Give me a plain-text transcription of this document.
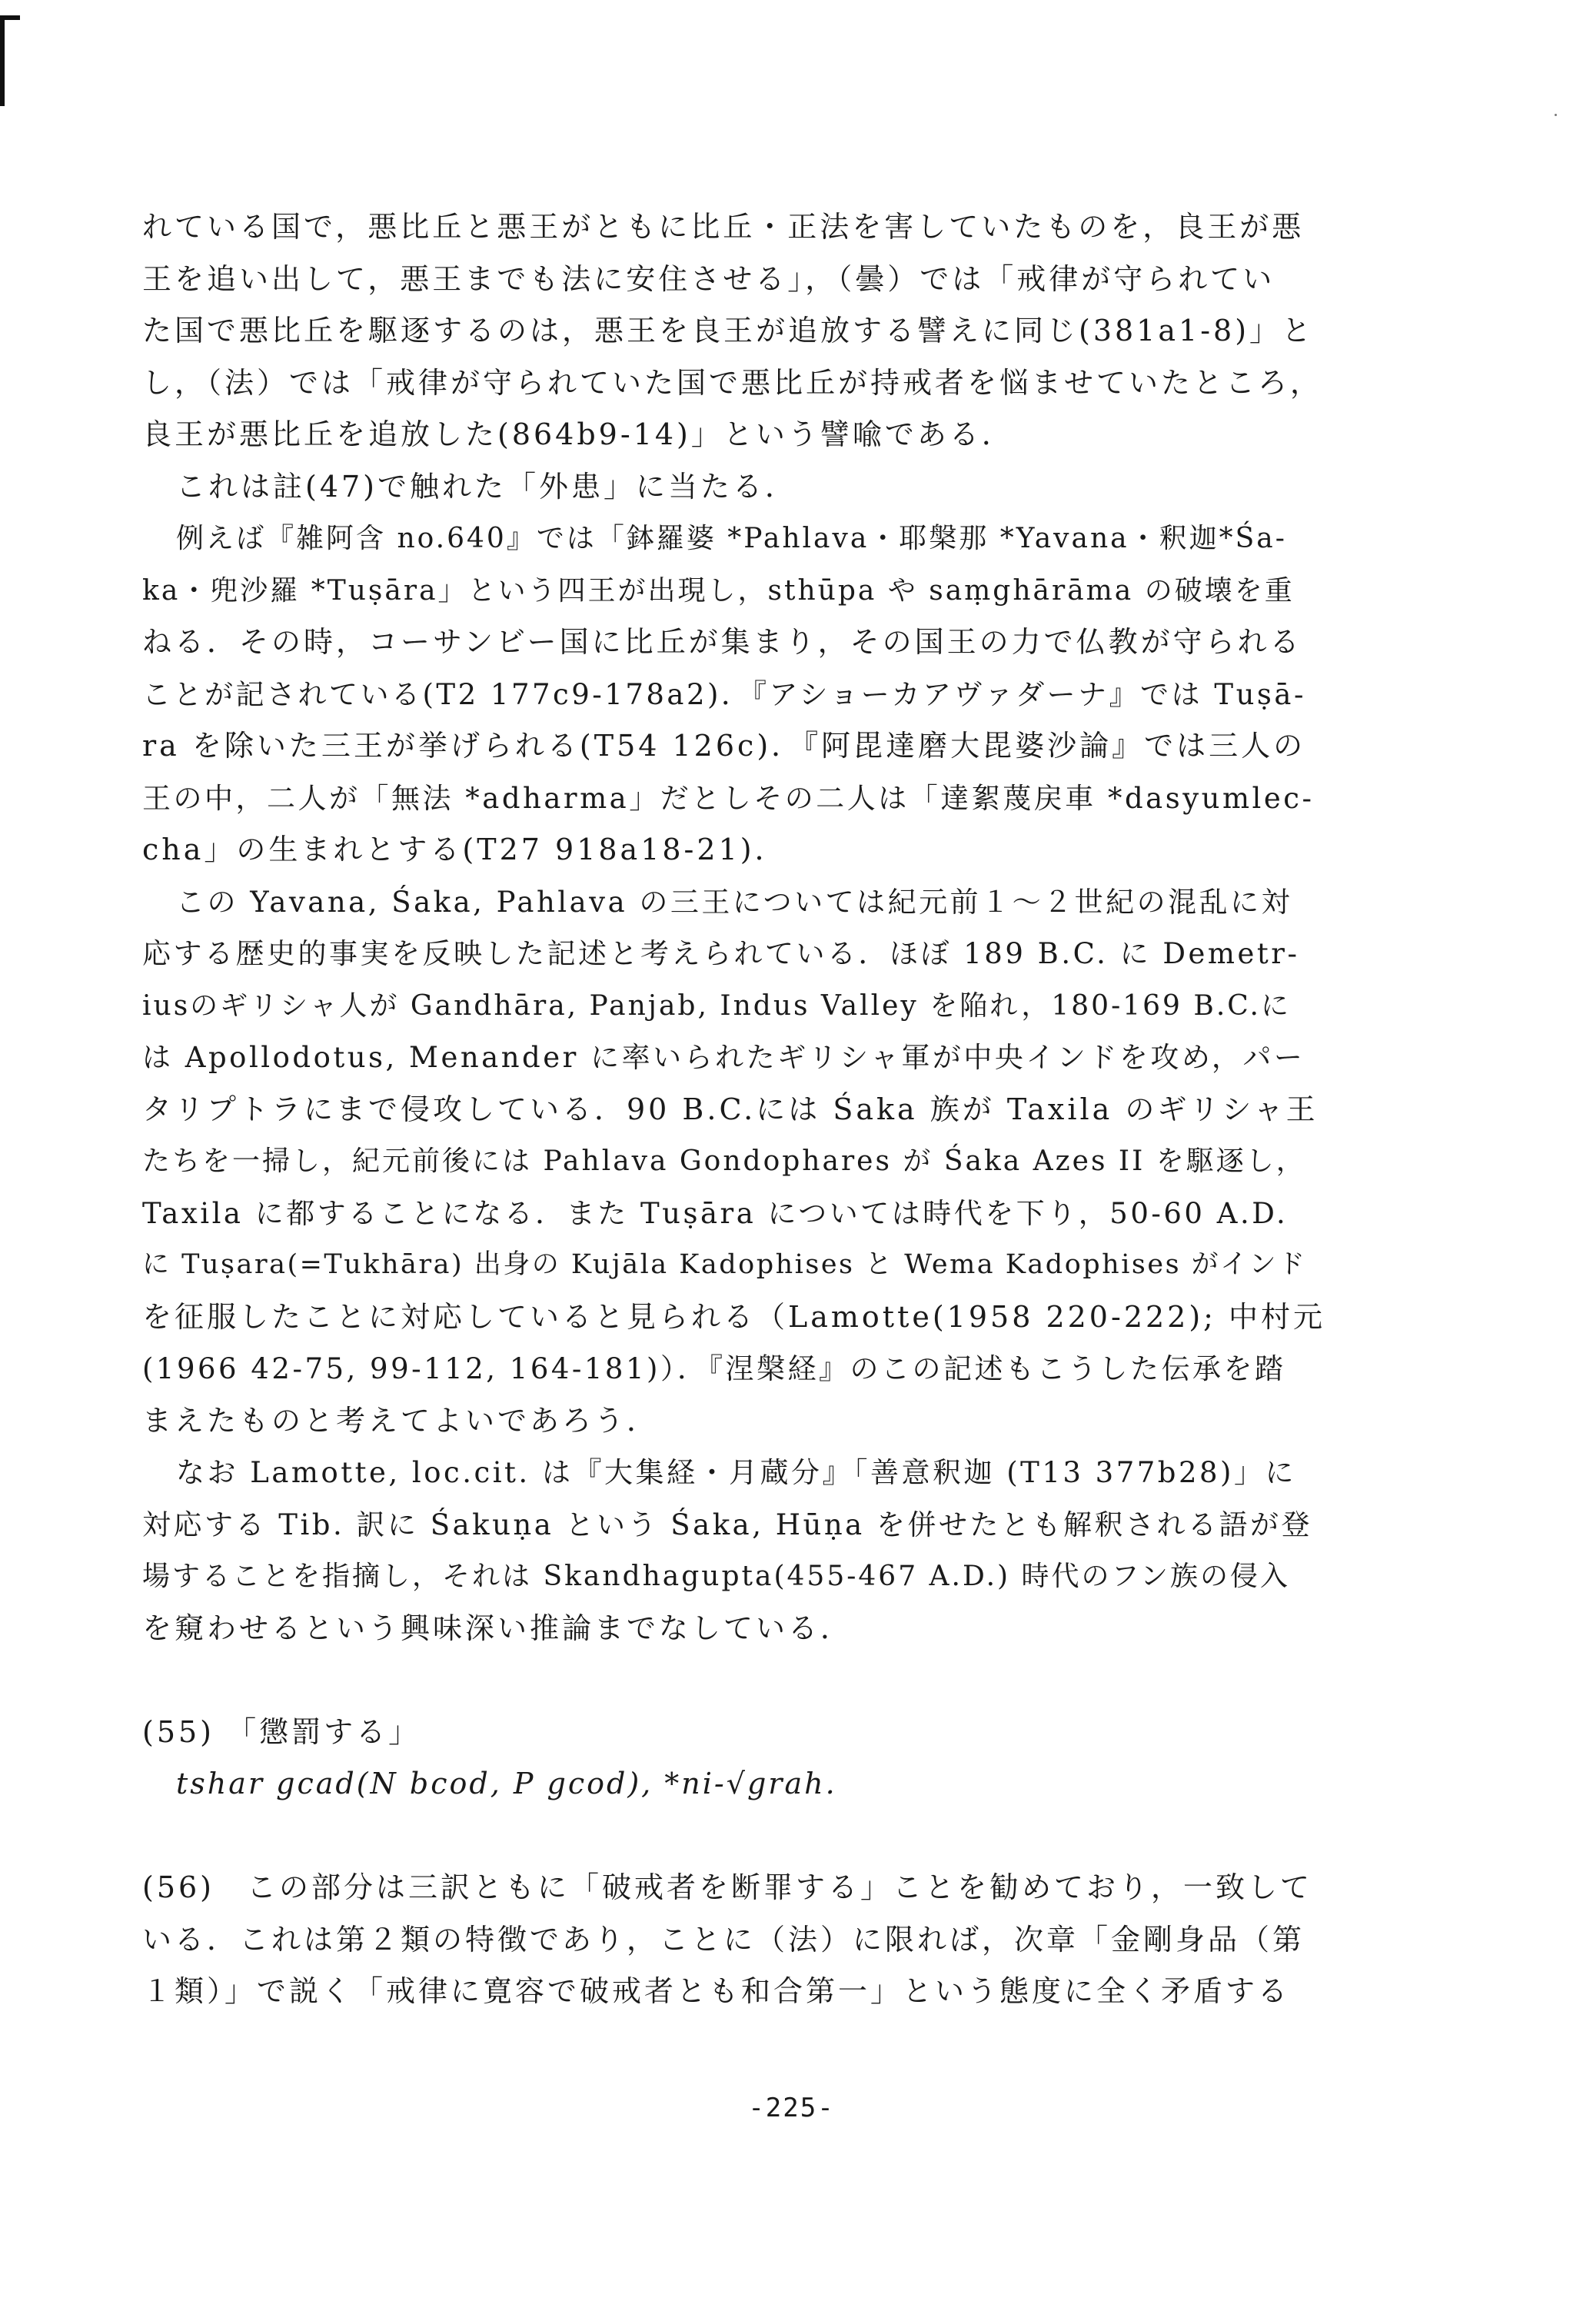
れている国で，悪比丘と悪王がともに比丘・正法を害していたものを，良王が悪
王を追い出して，悪王までも法に安住させる」，（曇）では「戒律が守られてい
た国で悪比丘を駆逐するのは，悪王を良王が追放する譬えに同じ(381a1-8)」と
し，（法）では「戒律が守られていた国で悪比丘が持戒者を悩ませていたところ，
良王が悪比丘を追放した(864b9-14)」という譬喩である．
これは註(47)で触れた「外患」に当たる．
例えば『雑阿含 no.640』では「鉢羅婆 *Pahlava・耶槃那 *Yavana・釈迦*Śa-
ka・兜沙羅 *Tuṣāra」という四王が出現し，sthūpa や saṃghārāma の破壊を重
ねる．その時，コーサンビー国に比丘が集まり，その国王の力で仏教が守られる
ことが記されている(T2 177c9-178a2)．『アショーカアヴァダーナ』では Tuṣā-
ra を除いた三王が挙げられる(T54 126c)．『阿毘達磨大毘婆沙論』では三人の
王の中，二人が「無法 *adharma」だとしその二人は「達絮蔑戻車 *dasyumlec-
cha」の生まれとする(T27 918a18-21)．
この Yavana, Śaka, Pahlava の三王については紀元前１～２世紀の混乱に対
応する歴史的事実を反映した記述と考えられている．ほぼ 189 B.C. に Demetr-
iusのギリシャ人が Gandhāra, Panjab, Indus Valley を陥れ，180-169 B.C.に
は Apollodotus, Menander に率いられたギリシャ軍が中央インドを攻め，パー
タリプトラにまで侵攻している．90 B.C.には Śaka 族が Taxila のギリシャ王
たちを一掃し，紀元前後には Pahlava Gondophares が Śaka Azes II を駆逐し，
Taxila に都することになる．また Tuṣāra については時代を下り，50-60 A.D.
に Tuṣara(=Tukhāra) 出身の Kujāla Kadophises と Wema Kadophises がインド
を征服したことに対応していると見られる（Lamotte(1958 220-222); 中村元
(1966 42-75, 99-112, 164-181)）．『涅槃経』のこの記述もこうした伝承を踏
まえたものと考えてよいであろう．
なお Lamotte, loc.cit. は『大集経・月蔵分』「善意釈迦 (T13 377b28)」に
対応する Tib. 訳に Śakuṇa という Śaka, Hūṇa を併せたとも解釈される語が登
場することを指摘し，それは Skandhagupta(455-467 A.D.) 時代のフン族の侵入
を窺わせるという興味深い推論までなしている．
(55) 「懲罰する」
tshar gcad(N bcod, P gcod), *ni-√grah.
(56)　この部分は三訳ともに「破戒者を断罪する」ことを勧めており，一致して
いる．これは第２類の特徴であり，ことに（法）に限れば，次章「金剛身品（第
１類）」で説く「戒律に寛容で破戒者とも和合第一」という態度に全く矛盾する
-225-
